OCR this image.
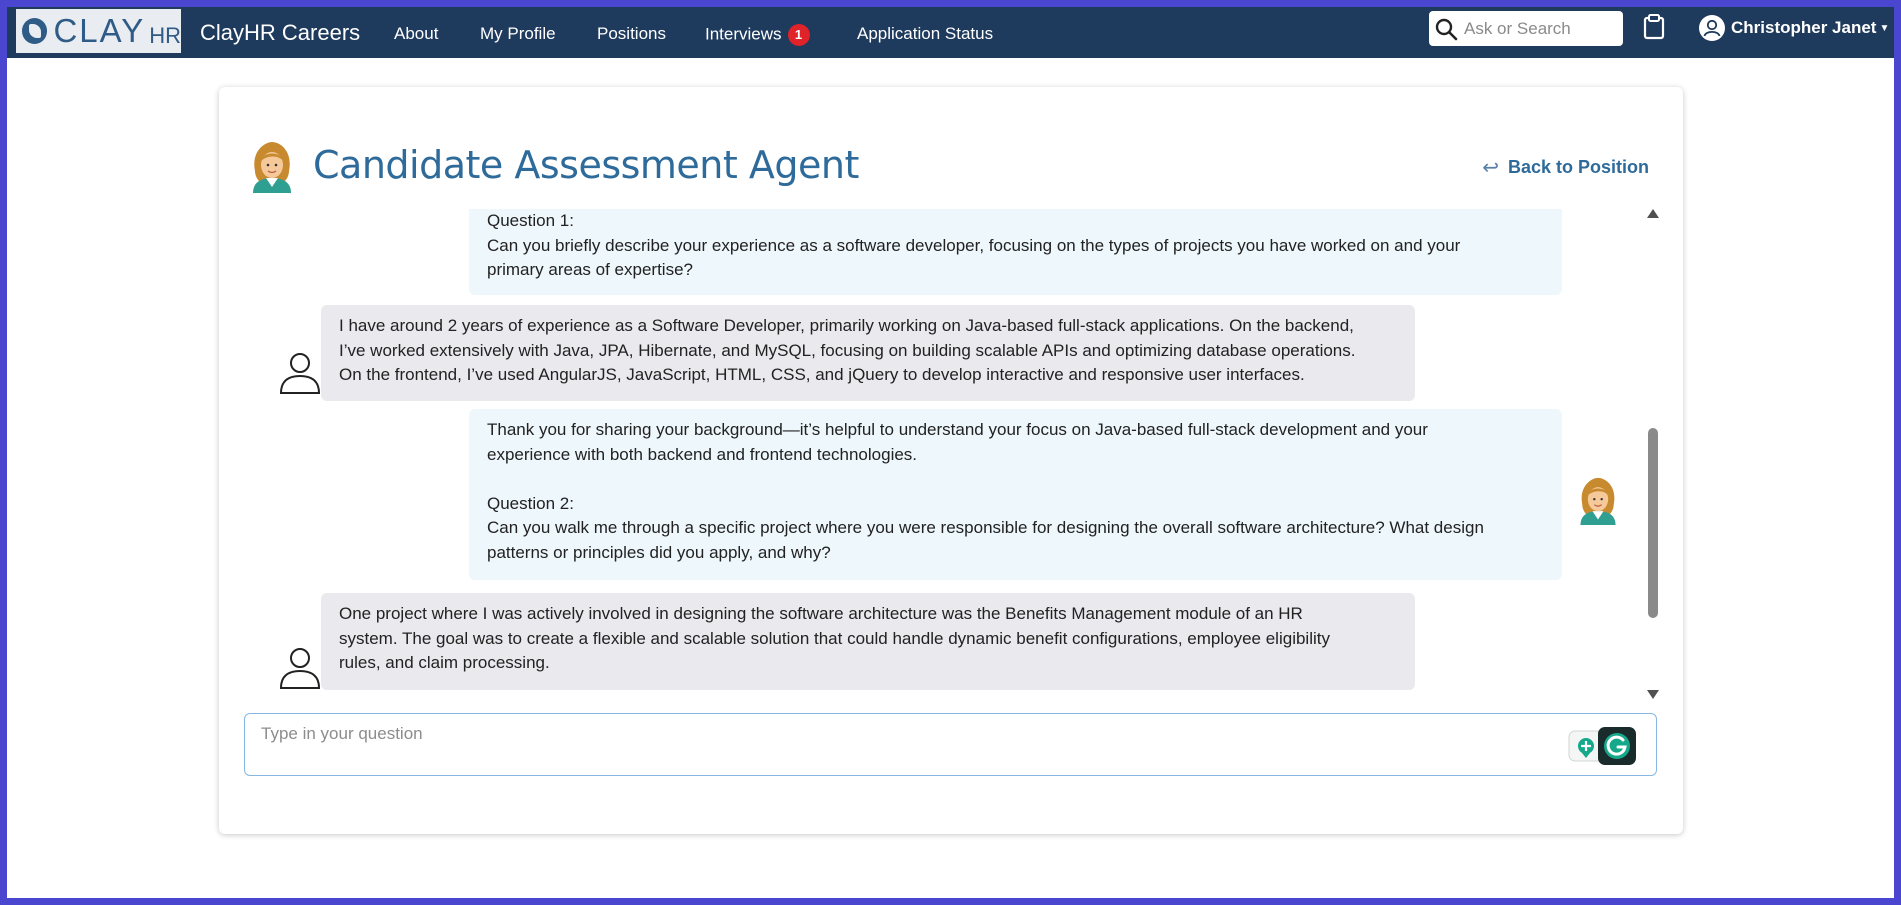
CLAY HR ClayHR Careers About My Profile Positions Interviews 1	Application Status
Ask or Search	Christopher Janet ▼
Candidate Assessment Agent	↩ Back to Position

Question 1:
Can you briefly describe your experience as a software developer, focusing on the types of projects you have worked on and your
primary areas of expertise?

I have around 2 years of experience as a Software Developer, primarily working on Java-based full-stack applications. On the backend,
I’ve worked extensively with Java, JPA, Hibernate, and MySQL, focusing on building scalable APIs and optimizing database operations.
On the frontend, I’ve used AngularJS, JavaScript, HTML, CSS, and jQuery to develop interactive and responsive user interfaces.

Thank you for sharing your background—it’s helpful to understand your focus on Java-based full-stack development and your
experience with both backend and frontend technologies.

Question 2:
Can you walk me through a specific project where you were responsible for designing the overall software architecture? What design
patterns or principles did you apply, and why?

One project where I was actively involved in designing the software architecture was the Benefits Management module of an HR
system. The goal was to create a flexible and scalable solution that could handle dynamic benefit configurations, employee eligibility
rules, and claim processing.

Type in your question
